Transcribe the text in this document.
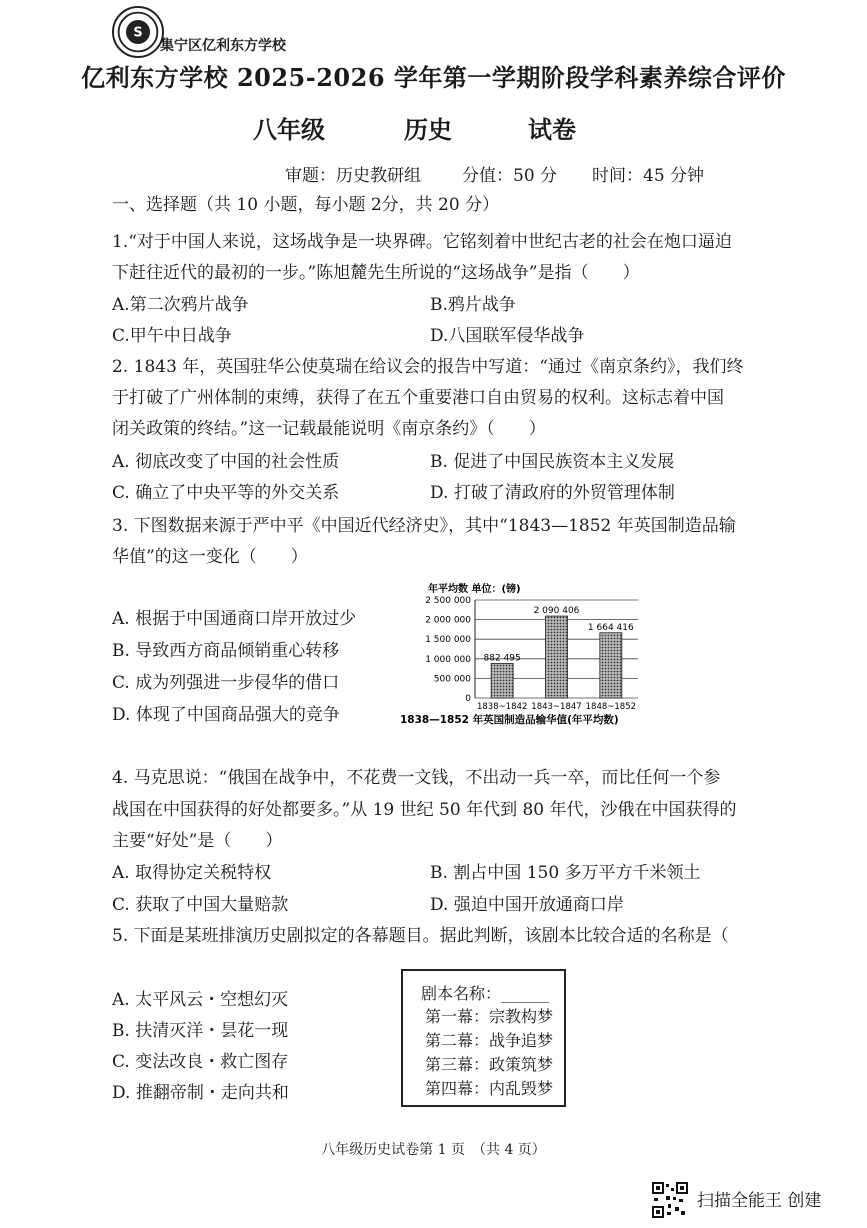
S
集宁区亿利东方学校
亿利东方学校 2025-2026 学年第一学期阶段学科素养综合评价
八年级	历史	试卷
审题：历史教研组 分值：50 分 时间：45 分钟
一、选择题（共 10 小题，每小题 2分，共 20 分）
1.“对于中国人来说，这场战争是一块界碑。它铭刻着中世纪古老的社会在炮口逼迫
下赶往近代的最初的一步。”陈旭麓先生所说的“这场战争”是指（　　）
A.第二次鸦片战争	B.鸦片战争
C.甲午中日战争	D.八国联军侵华战争
2. 1843 年，英国驻华公使莫瑞在给议会的报告中写道：“通过《南京条约》，我们终
于打破了广州体制的束缚，获得了在五个重要港口自由贸易的权利。这标志着中国
闭关政策的终结。”这一记载最能说明《南京条约》（　　）
A. 彻底改变了中国的社会性质	B. 促进了中国民族资本主义发展
C. 确立了中央平等的外交关系	D. 打破了清政府的外贸管理体制
3. 下图数据来源于严中平《中国近代经济史》，其中“1843—1852 年英国制造品输
华值”的这一变化（　　）
A. 根据于中国通商口岸开放过少
B. 导致西方商品倾销重心转移
C. 成为列强进一步侵华的借口
D. 体现了中国商品强大的竞争
年平均数 单位：(镑)
0
500 000
1 000 000
1 500 000
2 000 000
2 500 000
882 495
1838~1842
2 090 406
1843~1847
1 664 416
1848~1852
1838—1852 年英国制造品输华值(年平均数)
4. 马克思说：“俄国在战争中，不花费一文钱，不出动一兵一卒，而比任何一个参
战国在中国获得的好处都要多。”从 19 世纪 50 年代到 80 年代，沙俄在中国获得的
主要“好处”是（　　）
A. 取得协定关税特权	B. 割占中国 150 多万平方千米领土
C. 获取了中国大量赔款	D. 强迫中国开放通商口岸
5. 下面是某班排演历史剧拟定的各幕题目。据此判断，该剧本比较合适的名称是（
A. 太平风云・空想幻灭
B. 扶清灭洋・昙花一现
C. 变法改良・救亡图存
D. 推翻帝制・走向共和
剧本名称：______
第一幕：宗教构梦
第二幕：战争追梦
第三幕：政策筑梦
第四幕：内乱毁梦
八年级历史试卷第 1 页　（共 4 页）
扫描全能王 创建
